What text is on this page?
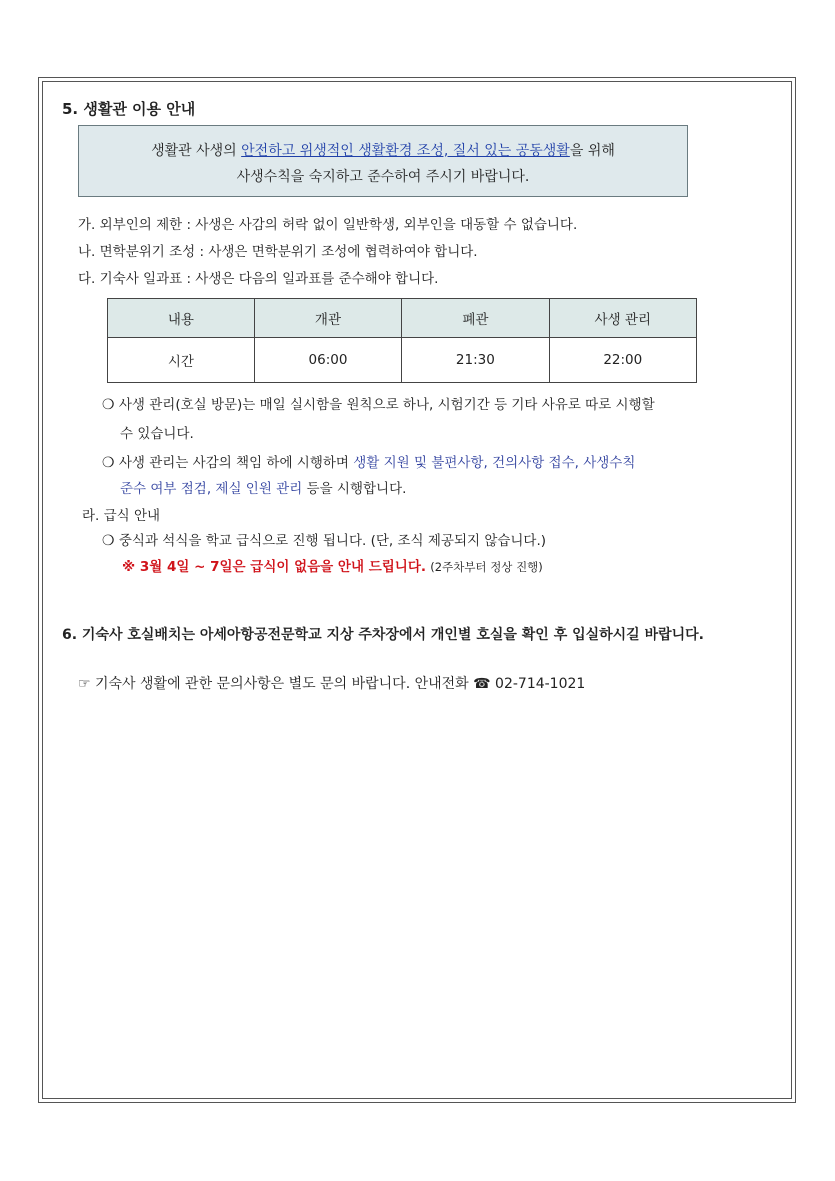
5. 생활관 이용 안내
생활관 사생의 안전하고 위생적인 생활환경 조성, 질서 있는 공동생활을 위해
사생수칙을 숙지하고 준수하여 주시기 바랍니다.
가. 외부인의 제한 : 사생은 사감의 허락 없이 일반학생, 외부인을 대동할 수 없습니다.
나. 면학분위기 조성 : 사생은 면학분위기 조성에 협력하여야 합니다.
다. 기숙사 일과표 : 사생은 다음의 일과표를 준수해야 합니다.
내용	개관	폐관	사생 관리
시간	06:00	21:30	22:00
❍ 사생 관리(호실 방문)는 매일 실시함을 원칙으로 하나, 시험기간 등 기타 사유로 따로 시행할
수 있습니다.
❍ 사생 관리는 사감의 책임 하에 시행하며 생활 지원 및 불편사항, 건의사항 접수, 사생수칙
준수 여부 점검, 제실 인원 관리 등을 시행합니다.
라. 급식 안내
❍ 중식과 석식을 학교 급식으로 진행 됩니다. (단, 조식 제공되지 않습니다.)
※ 3월 4일 ~ 7일은 급식이 없음을 안내 드립니다. (2주차부터 정상 진행)
6. 기숙사 호실배치는 아세아항공전문학교 지상 주차장에서 개인별 호실을 확인 후 입실하시길 바랍니다.
☞ 기숙사 생활에 관한 문의사항은 별도 문의 바랍니다. 안내전화 ☎ 02-714-1021
